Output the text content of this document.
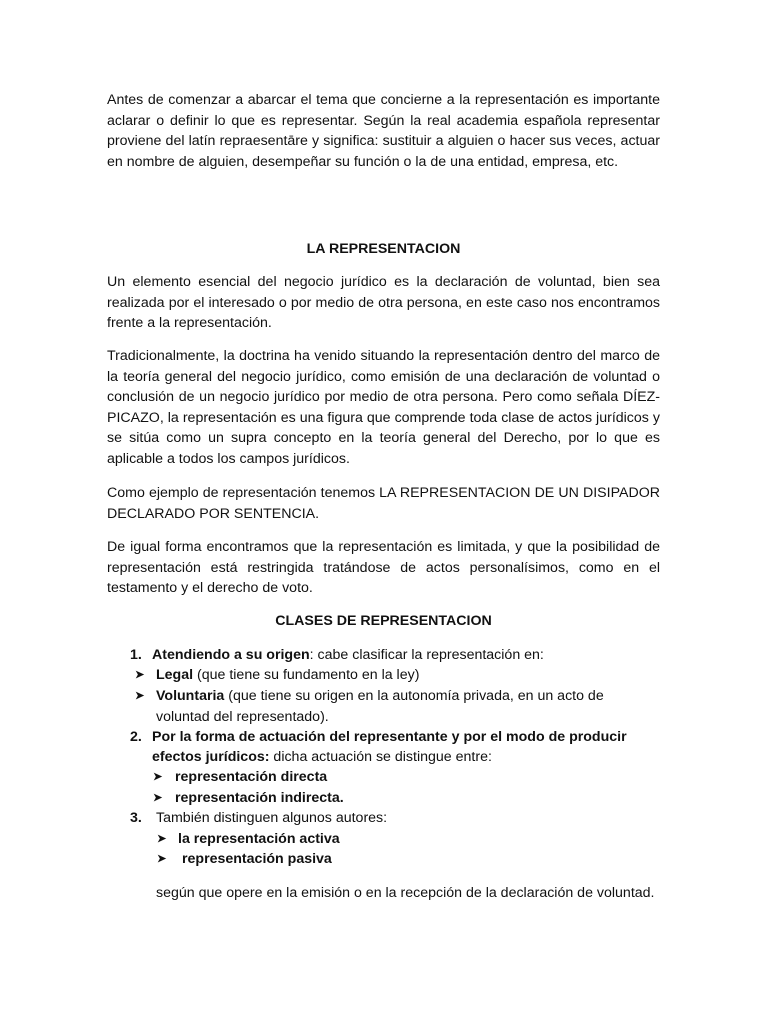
Antes de comenzar a abarcar el tema que concierne a la representación es importante aclarar o definir lo que es representar. Según la real academia española representar proviene del latín repraesentāre y significa: sustituir a alguien o hacer sus veces, actuar en nombre de alguien, desempeñar su función o la de una entidad, empresa, etc.

LA REPRESENTACION

Un elemento esencial del negocio jurídico es la declaración de voluntad, bien sea realizada por el interesado o por medio de otra persona, en este caso nos encontramos frente a la representación.

Tradicionalmente, la doctrina ha venido situando la representación dentro del marco de la teoría general del negocio jurídico, como emisión de una declaración de voluntad o conclusión de un negocio jurídico por medio de otra persona. Pero como señala DÍEZ-PICAZO, la representación es una figura que comprende toda clase de actos jurídicos y se sitúa como un supra concepto en la teoría general del Derecho, por lo que es aplicable a todos los campos jurídicos.

Como ejemplo de representación tenemos LA REPRESENTACION DE UN DISIPADOR DECLARADO POR SENTENCIA.

De igual forma encontramos que la representación es limitada, y que la posibilidad de representación está restringida tratándose de actos personalísimos, como en el testamento y el derecho de voto.

CLASES DE REPRESENTACION

1. Atendiendo a su origen: cabe clasificar la representación en:

➤ Legal (que tiene su fundamento en la ley)

➤ Voluntaria (que tiene su origen en la autonomía privada, en un acto de

voluntad del representado).

2. Por la forma de actuación del representante y por el modo de producir

efectos jurídicos: dicha actuación se distingue entre:

➤ representación directa

➤ representación indirecta.

3. También distinguen algunos autores:

➤ la representación activa

➤ representación pasiva

según que opere en la emisión o en la recepción de la declaración de voluntad.
